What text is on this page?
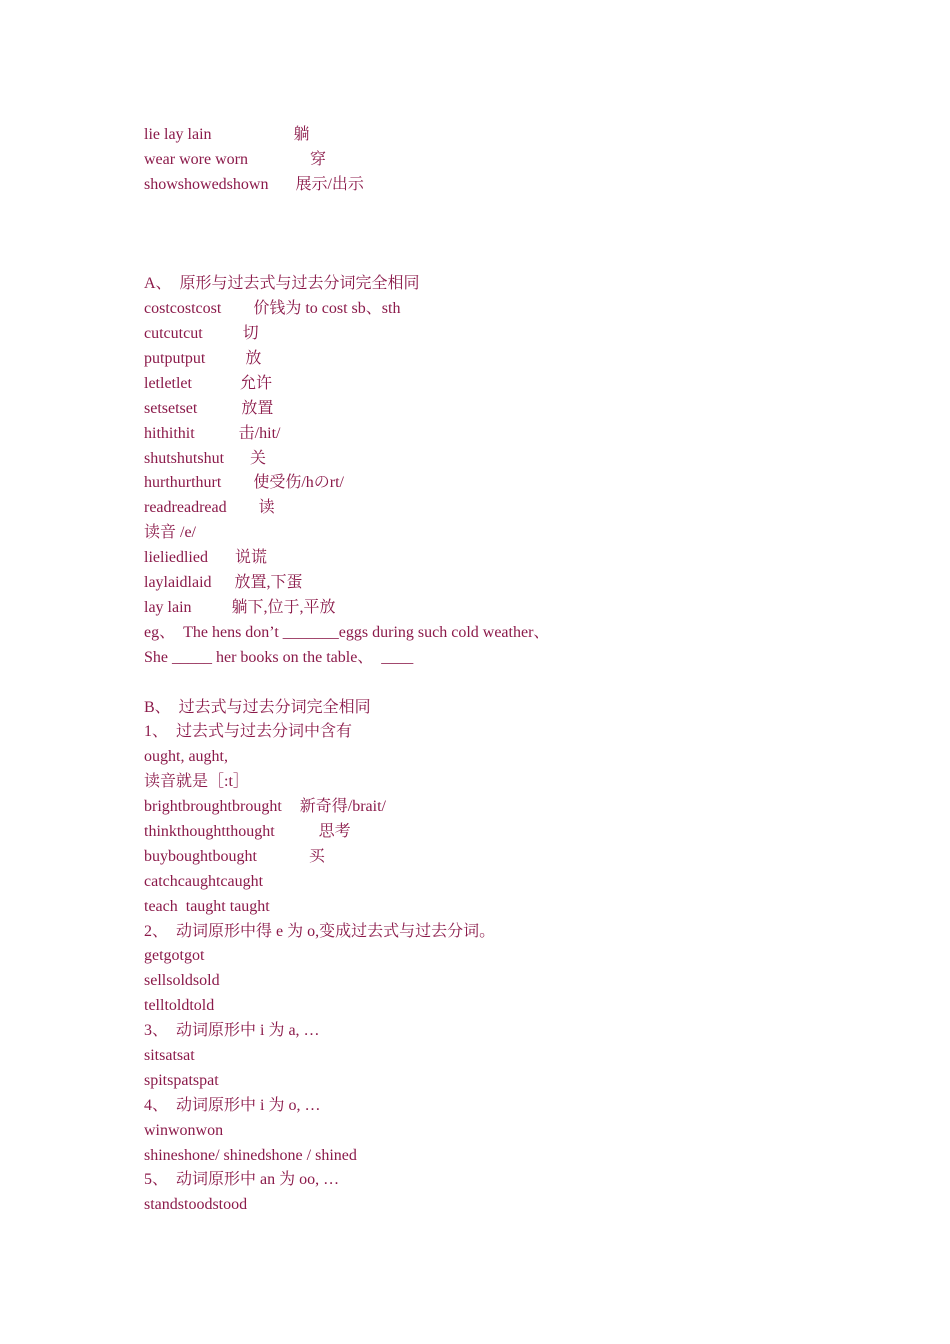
lie lay lain	躺
wear wore worn	穿
showshowedshown 展示/出示
A、  原形与过去式与过去分词完全相同
costcostcost 价钱为 to cost sb、sth
cutcutcut	切
putputput	放
letletlet	允许
setsetset	放置
hithithit	击/hit/
shutshutshut 关
hurthurthurt 使受伤/hのrt/
readreadread 读
读音 /e/
lieliedlied 说谎
laylaidlaid 放置,下蛋
lay lain	躺下,位于,平放
eg、  The hens don’t _______eggs during such cold weather、
She _____ her books on the table、  ____
B、  过去式与过去分词完全相同
1、  过去式与过去分词中含有
ought, aught,
读音就是［:t］
brightbroughtbrought 新奇得/brait/
thinkthoughtthought	思考
buyboughtbought	买
catchcaughtcaught
teach  taught taught
2、  动词原形中得 e 为 o,变成过去式与过去分词。
getgotgot
sellsoldsold
telltoldtold
3、  动词原形中 i 为 a, …
sitsatsat
spitspatspat
4、  动词原形中 i 为 o, …
winwonwon
shineshone/ shinedshone / shined
5、  动词原形中 an 为 oo, …
standstoodstood
